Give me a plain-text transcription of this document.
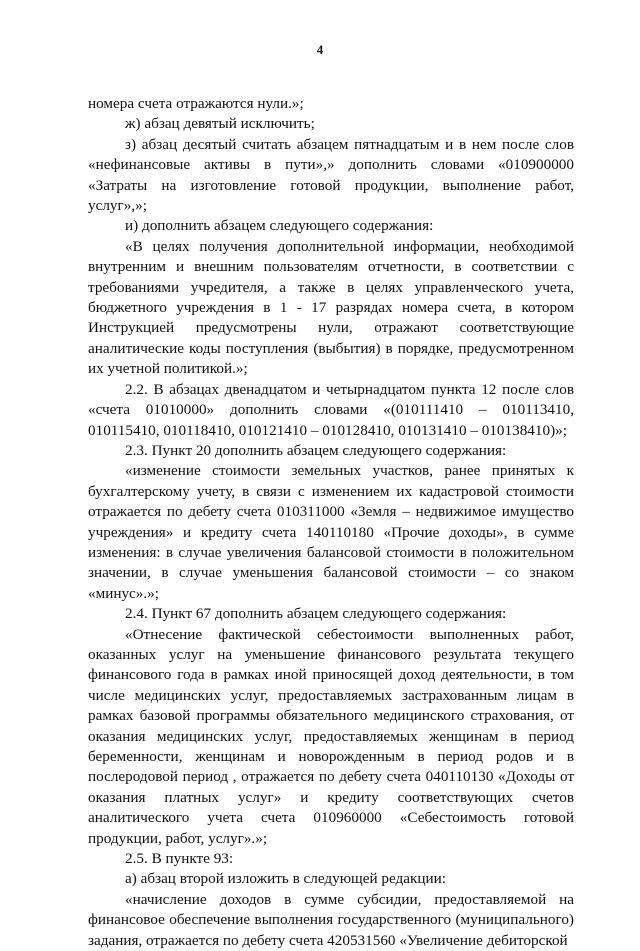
4

номера счета отражаются нули.»;

ж) абзац девятый исключить;

з) абзац десятый считать абзацем пятнадцатым и в нем после слов «нефинансовые активы в пути»,» дополнить словами «010900000 «Затраты на изготовление готовой продукции, выполнение работ, услуг»,»;

и) дополнить абзацем следующего содержания:

«В целях получения дополнительной информации, необходимой внутренним и внешним пользователям отчетности, в соответствии с требованиями учредителя, а также в целях управленческого учета, бюджетного учреждения в 1 - 17 разрядах номера счета, в котором Инструкцией предусмотрены нули, отражают соответствующие аналитические коды поступления (выбытия) в порядке, предусмотренном их учетной политикой.»;

2.2. В абзацах двенадцатом и четырнадцатом пункта 12 после слов «счета 01010000» дополнить словами «(010111410 – 010113410, 010115410, 010118410, 010121410 – 010128410, 010131410 – 010138410)»;

2.3. Пункт 20 дополнить абзацем следующего содержания:

«изменение стоимости земельных участков, ранее принятых к бухгалтерскому учету, в связи с изменением их кадастровой стоимости отражается по дебету счета 010311000 «Земля – недвижимое имущество учреждения» и кредиту счета 140110180 «Прочие доходы», в сумме изменения: в случае увеличения балансовой стоимости в положительном значении, в случае уменьшения балансовой стоимости – со знаком «минус».»;

2.4. Пункт 67 дополнить абзацем следующего содержания:

«Отнесение фактической себестоимости выполненных работ, оказанных услуг на уменьшение финансового результата текущего финансового года в рамках иной приносящей доход деятельности, в том числе медицинских услуг, предоставляемых застрахованным лицам в рамках базовой программы обязательного медицинского страхования, от оказания медицинских услуг, предоставляемых женщинам в период беременности, женщинам и новорожденным в период родов и в послеродовой период , отражается по дебету счета 040110130 «Доходы от оказания платных услуг» и кредиту соответствующих счетов аналитического учета счета 010960000 «Себестоимость готовой продукции, работ, услуг».»;

2.5. В пункте 93:

а) абзац второй изложить в следующей редакции:

«начисление доходов в сумме субсидии, предоставляемой на финансовое обеспечение выполнения государственного (муниципального) задания, отражается по дебету счета 420531560 «Увеличение дебиторской
